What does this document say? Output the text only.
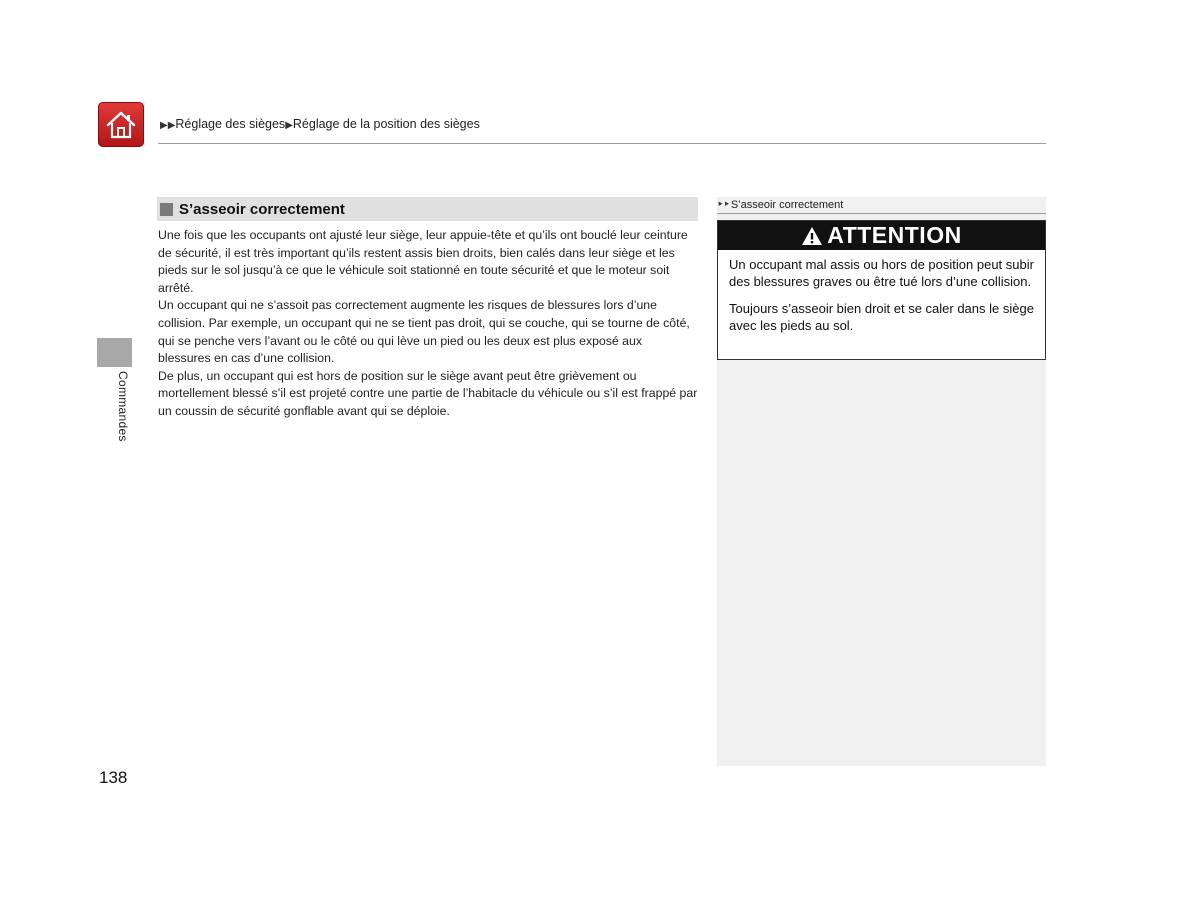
▶▶Réglage des sièges▶Réglage de la position des sièges
Commandes
138
S’asseoir correctement

Une fois que les occupants ont ajusté leur siège, leur appuie-tête et qu’ils ont bouclé leur ceinture de sécurité, il est très important qu’ils restent assis bien droits, bien calés dans leur siège et les pieds sur le sol jusqu’à ce que le véhicule soit stationné en toute sécurité et que le moteur soit arrêté.

Un occupant qui ne s’assoit pas correctement augmente les risques de blessures lors d’une collision. Par exemple, un occupant qui ne se tient pas droit, qui se couche, qui se tourne de côté, qui se penche vers l’avant ou le côté ou qui lève un pied ou les deux est plus exposé aux blessures en cas d’une collision.

De plus, un occupant qui est hors de position sur le siège avant peut être grièvement ou mortellement blessé s’il est projeté contre une partie de l’habitacle du véhicule ou s’il est frappé par un coussin de sécurité gonflable avant qui se déploie.

⯈⯈ S’asseoir correctement
ATTENTION

Un occupant mal assis ou hors de position peut subir des blessures graves ou être tué lors d’une collision.

Toujours s’asseoir bien droit et se caler dans le siège avec les pieds au sol.
